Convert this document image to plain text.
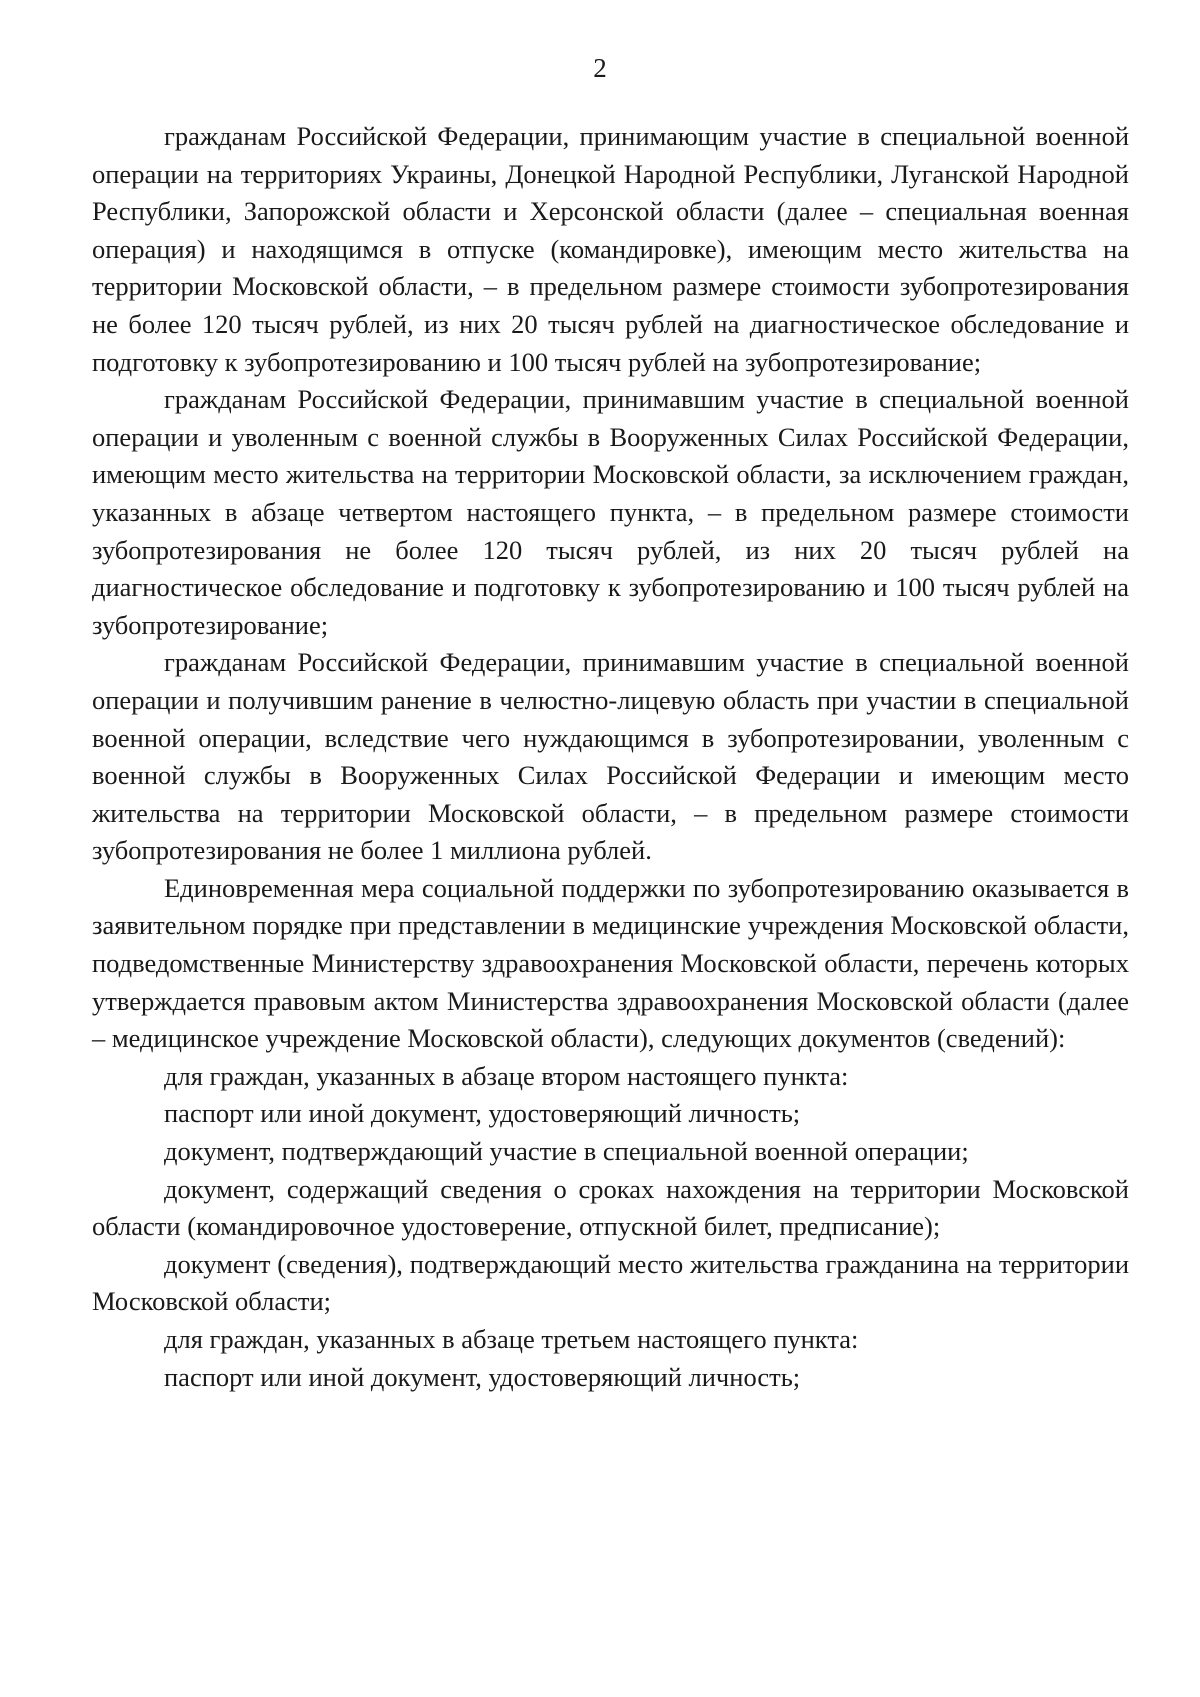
2

гражданам Российской Федерации, принимающим участие в специальной военной операции на территориях Украины, Донецкой Народной Республики, Луганской Народной Республики, Запорожской области и Херсонской области (далее – специальная военная операция) и находящимся в отпуске (командировке), имеющим место жительства на территории Московской области, – в предельном размере стоимости зубопротезирования не более 120 тысяч рублей, из них 20 тысяч рублей на диагностическое обследование и подготовку к зубопротезированию и 100 тысяч рублей на зубопротезирование;

гражданам Российской Федерации, принимавшим участие в специальной военной операции и уволенным с военной службы в Вооруженных Силах Российской Федерации, имеющим место жительства на территории Московской области, за исключением граждан, указанных в абзаце четвертом настоящего пункта, – в предельном размере стоимости зубопротезирования не более 120 тысяч рублей, из них 20 тысяч рублей на диагностическое обследование и подготовку к зубопротезированию и 100 тысяч рублей на зубопротезирование;

гражданам Российской Федерации, принимавшим участие в специальной военной операции и получившим ранение в челюстно-лицевую область при участии в специальной военной операции, вследствие чего нуждающимся в зубопротезировании, уволенным с военной службы в Вооруженных Силах Российской Федерации и имеющим место жительства на территории Московской области, – в предельном размере стоимости зубопротезирования не более 1 миллиона рублей.

Единовременная мера социальной поддержки по зубопротезированию оказывается в заявительном порядке при представлении в медицинские учреждения Московской области, подведомственные Министерству здравоохранения Московской области, перечень которых утверждается правовым актом Министерства здравоохранения Московской области (далее – медицинское учреждение Московской области), следующих документов (сведений):

для граждан, указанных в абзаце втором настоящего пункта:

паспорт или иной документ, удостоверяющий личность;

документ, подтверждающий участие в специальной военной операции;

документ, содержащий сведения о сроках нахождения на территории Московской области (командировочное удостоверение, отпускной билет, предписание);

документ (сведения), подтверждающий место жительства гражданина на территории Московской области;

для граждан, указанных в абзаце третьем настоящего пункта:

паспорт или иной документ, удостоверяющий личность;
